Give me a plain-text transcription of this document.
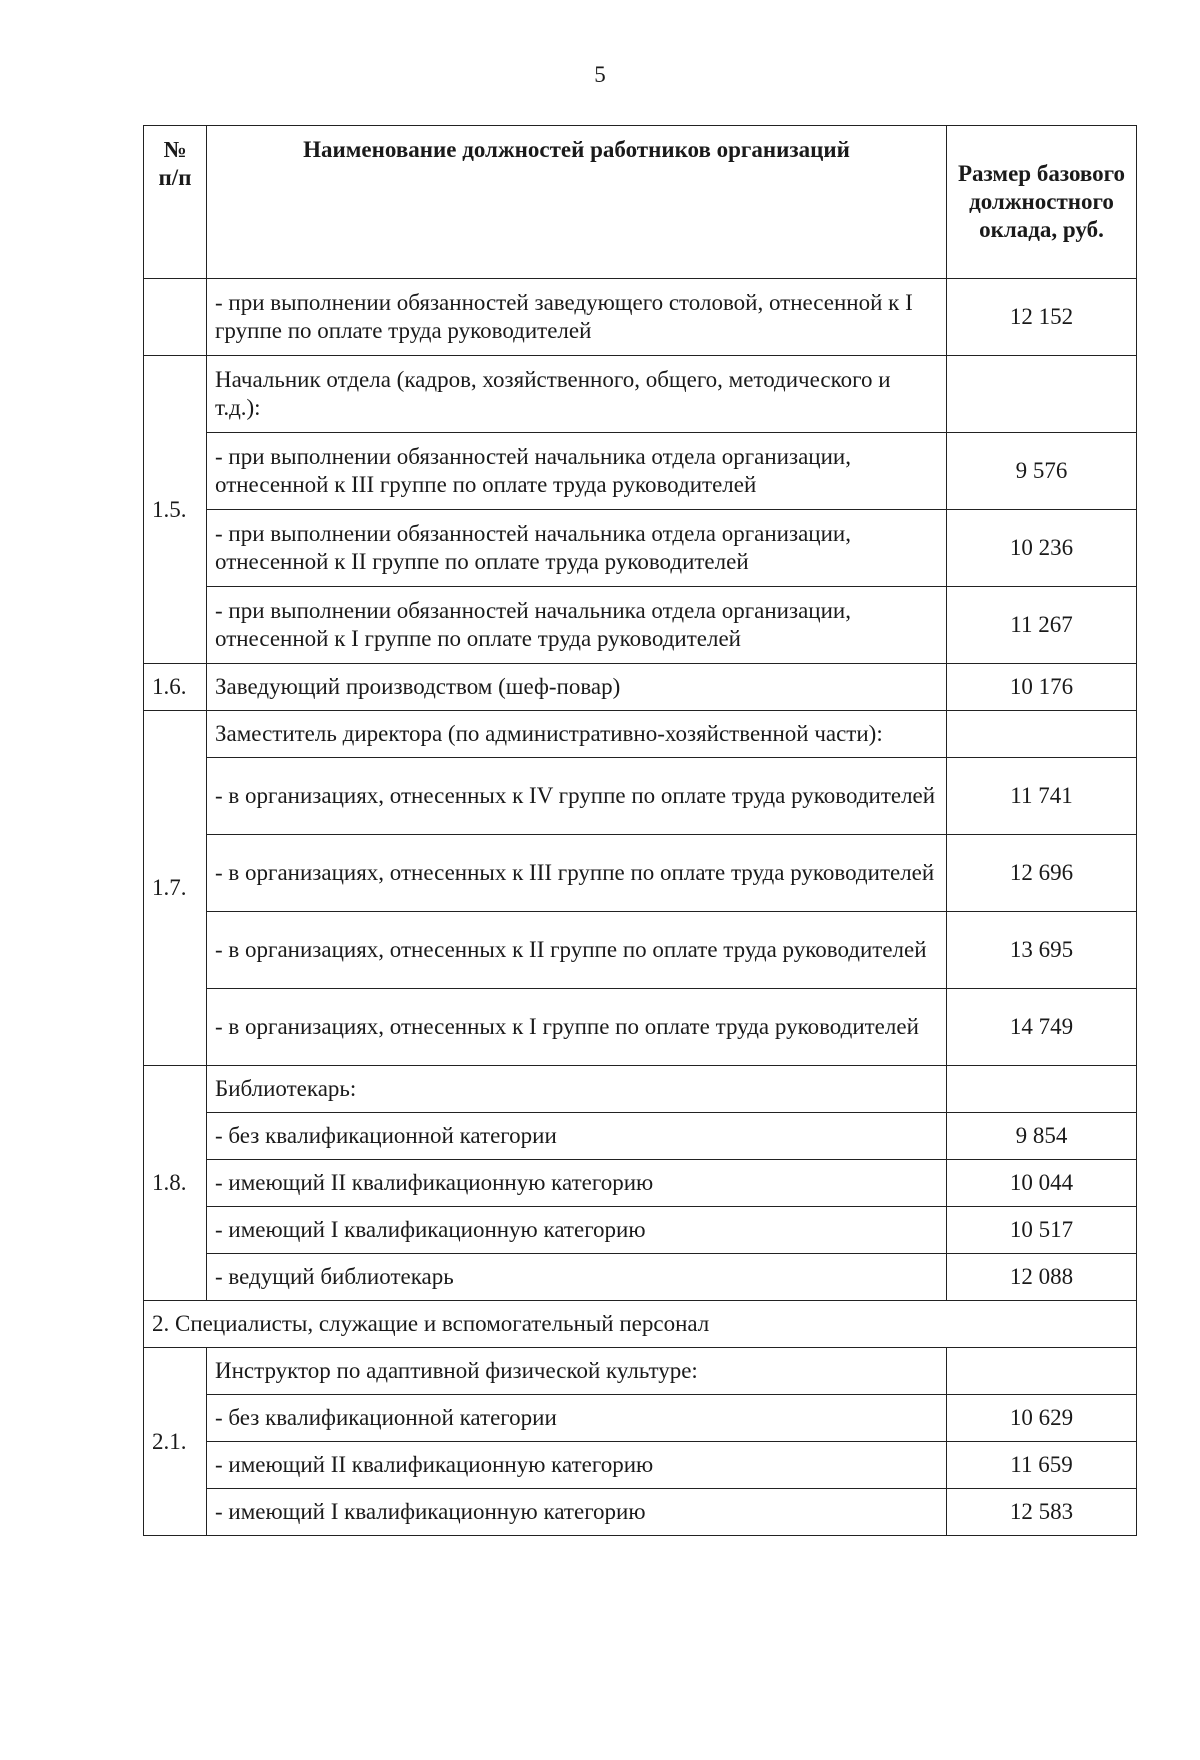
5
№ п/п	Наименование должностей работников организаций	Размер базового должностного оклада, руб.
	- при выполнении обязанностей заведующего столовой, отнесенной к I группе по оплате труда руководителей	12 152
1.5.	Начальник отдела (кадров, хозяйственного, общего, методического и т.д.):	
	- при выполнении обязанностей начальника отдела организации, отнесенной к III группе по оплате труда руководителей	9 576
	- при выполнении обязанностей начальника отдела организации, отнесенной к II группе по оплате труда руководителей	10 236
	- при выполнении обязанностей начальника отдела организации, отнесенной к I группе по оплате труда руководителей	11 267
1.6.	Заведующий производством (шеф-повар)	10 176
1.7.	Заместитель директора (по административно-хозяйственной части):	
	- в организациях, отнесенных к IV группе по оплате труда руководителей	11 741
	- в организациях, отнесенных к III группе по оплате труда руководителей	12 696
	- в организациях, отнесенных к II группе по оплате труда руководителей	13 695
	- в организациях, отнесенных к I группе по оплате труда руководителей	14 749
1.8.	Библиотекарь:	
	- без квалификационной категории	9 854
	- имеющий II квалификационную категорию	10 044
	- имеющий I квалификационную категорию	10 517
	- ведущий библиотекарь	12 088
2. Специалисты, служащие и вспомогательный персонал		
2.1.	Инструктор по адаптивной физической культуре:	
	- без квалификационной категории	10 629
	- имеющий II квалификационную категорию	11 659
	- имеющий I квалификационную категорию	12 583
